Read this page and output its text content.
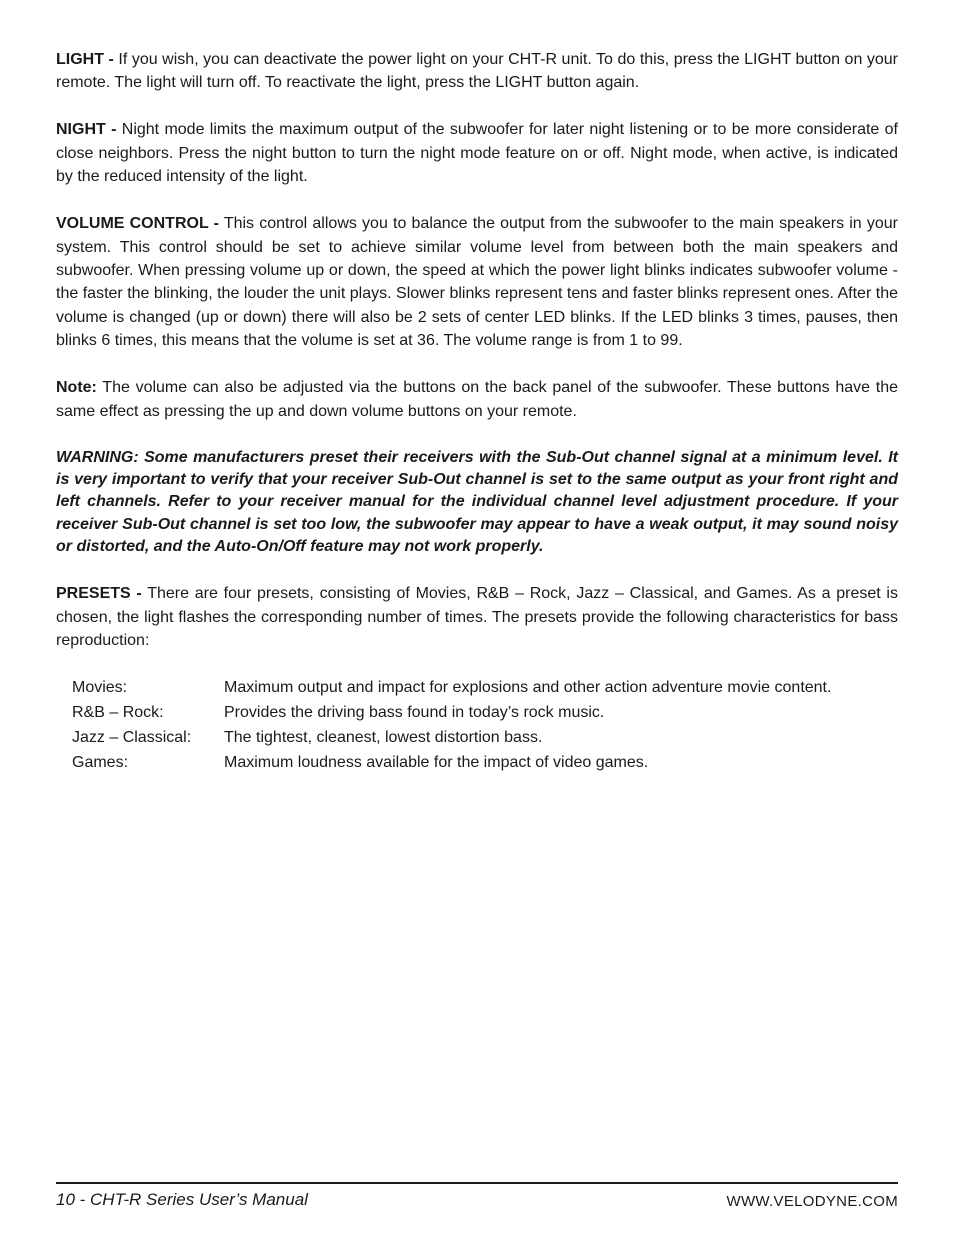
LIGHT - If you wish, you can deactivate the power light on your CHT-R unit. To do this, press the LIGHT button on your remote. The light will turn off. To reactivate the light, press the LIGHT button again.

NIGHT - Night mode limits the maximum output of the subwoofer for later night listening or to be more considerate of close neighbors. Press the night button to turn the night mode feature on or off. Night mode, when active, is indicated by the reduced intensity of the light.

VOLUME CONTROL - This control allows you to balance the output from the subwoofer to the main speakers in your system. This control should be set to achieve similar volume level from between both the main speakers and subwoofer. When pressing volume up or down, the speed at which the power light blinks indicates subwoofer volume - the faster the blinking, the louder the unit plays. Slower blinks represent tens and faster blinks represent ones. After the volume is changed (up or down) there will also be 2 sets of center LED blinks. If the LED blinks 3 times, pauses, then blinks 6 times, this means that the volume is set at 36. The volume range is from 1 to 99.

Note: The volume can also be adjusted via the buttons on the back panel of the subwoofer. These buttons have the same effect as pressing the up and down volume buttons on your remote.

WARNING: Some manufacturers preset their receivers with the Sub-Out channel signal at a minimum level. It is very important to verify that your receiver Sub-Out channel is set to the same output as your front right and left channels. Refer to your receiver manual for the individual channel level adjustment procedure. If your receiver Sub-Out channel is set too low, the subwoofer may appear to have a weak output, it may sound noisy or distorted, and the Auto-On/Off feature may not work properly.

PRESETS - There are four presets, consisting of Movies, R&B – Rock, Jazz – Classical, and Games. As a preset is chosen, the light flashes the corresponding number of times. The presets provide the following characteristics for bass reproduction:

Movies:	Maximum output and impact for explosions and other action adventure movie content.
R&B – Rock:	Provides the driving bass found in today’s rock music.
Jazz – Classical:	The tightest, cleanest, lowest distortion bass.
Games:	Maximum loudness available for the impact of video games.
10 - CHT-R Series User’s Manual	WWW.VELODYNE.COM
